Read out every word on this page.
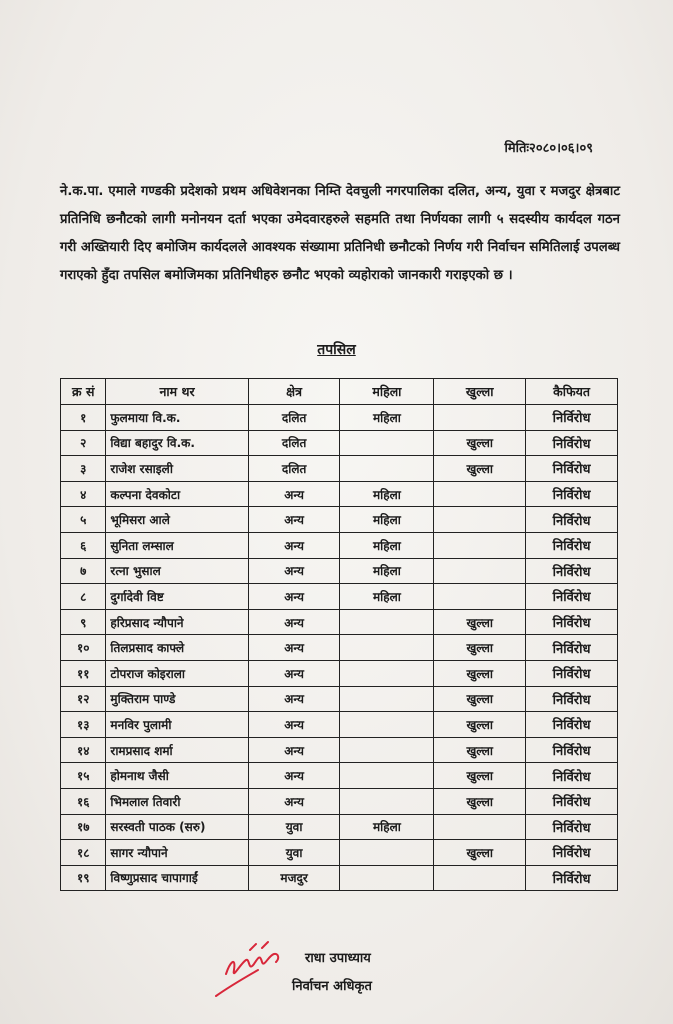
मितिः२०८०।०६।०९
ने.क.पा. एमाले गण्डकी प्रदेशको प्रथम अधिवेशनका निम्ति देवचुली नगरपालिका दलित, अन्य, युवा र मजदुर क्षेत्रबाट प्रतिनिधि छनौटको लागी मनोनयन दर्ता भएका उमेदवारहरुले सहमति तथा निर्णयका लागी ५ सदस्यीय कार्यदल गठन गरी अख्तियारी दिए बमोजिम कार्यदलले आवश्यक संख्यामा प्रतिनिधी छनौटको निर्णय गरी निर्वाचन समितिलाई उपलब्ध गराएको हुँदा तपसिल बमोजिमका प्रतिनिधीहरु छनौट भएको व्यहोराको जानकारी गराइएको छ ।
तपसिल
क्र सं	नाम थर	क्षेत्र	महिला	खुल्ला	कैफियत
१	फुलमाया वि.क.	दलित	महिला		निर्विरोध
२	विद्या बहादुर वि.क.	दलित		खुल्ला	निर्विरोध
३	राजेश रसाइली	दलित		खुल्ला	निर्विरोध
४	कल्पना देवकोटा	अन्य	महिला		निर्विरोध
५	भूमिसरा आले	अन्य	महिला		निर्विरोध
६	सुनिता लम्साल	अन्य	महिला		निर्विरोध
७	रत्ना भुसाल	अन्य	महिला		निर्विरोध
८	दुर्गादेवी विष्ट	अन्य	महिला		निर्विरोध
९	हरिप्रसाद न्यौपाने	अन्य		खुल्ला	निर्विरोध
१०	तिलप्रसाद काफ्ले	अन्य		खुल्ला	निर्विरोध
११	टोपराज कोइराला	अन्य		खुल्ला	निर्विरोध
१२	मुक्तिराम पाण्डे	अन्य		खुल्ला	निर्विरोध
१३	मनविर पुलामी	अन्य		खुल्ला	निर्विरोध
१४	रामप्रसाद शर्मा	अन्य		खुल्ला	निर्विरोध
१५	होमनाथ जैसी	अन्य		खुल्ला	निर्विरोध
१६	भिमलाल तिवारी	अन्य		खुल्ला	निर्विरोध
१७	सरस्वती पाठक (सरु)	युवा	महिला		निर्विरोध
१८	सागर न्यौपाने	युवा		खुल्ला	निर्विरोध
१९	विष्णुप्रसाद चापागाईं	मजदुर			निर्विरोध
राधा उपाध्याय
निर्वाचन अधिकृत
